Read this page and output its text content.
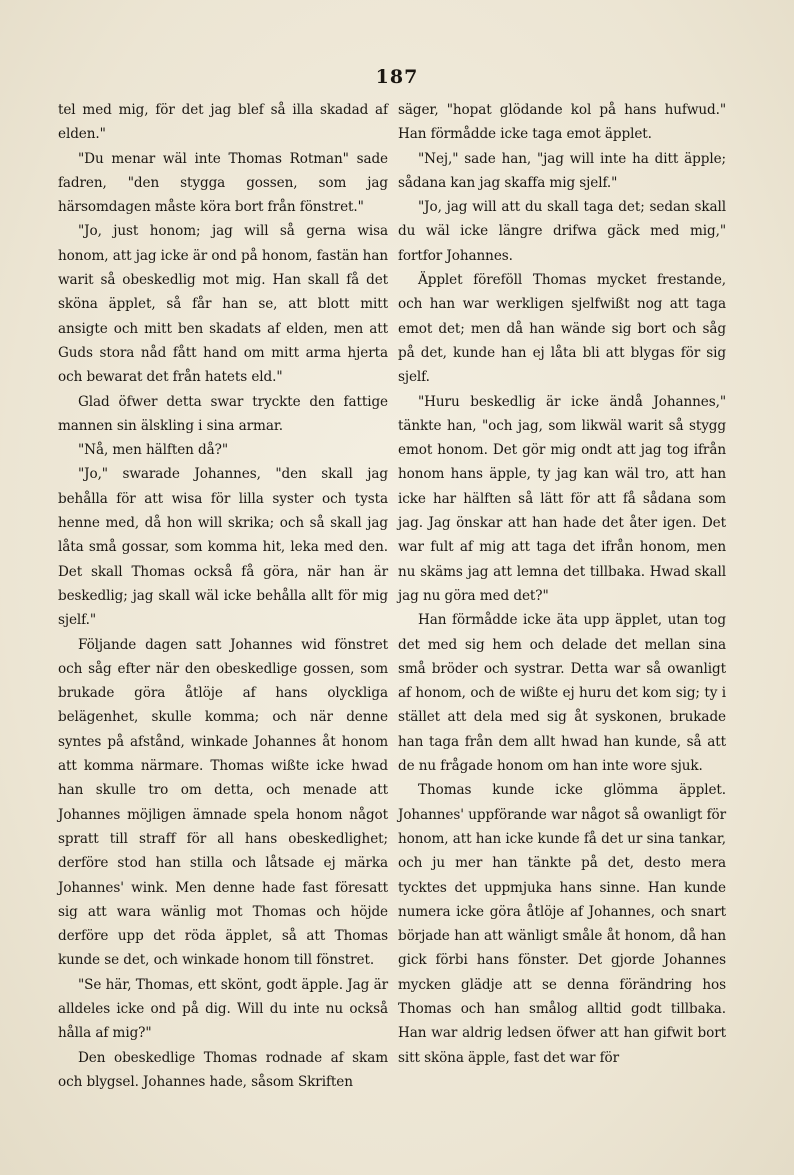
187

tel med mig, för det jag blef så illa skadad af elden."

"Du menar wäl inte Thomas Rotman" sade fadren, "den styggа gossen, som jag härsomdagen måste köra bort från fönstret."

"Jo, just honom; jag will så gerna wisa honom, att jag icke är ond på honom, fastän han warit så obeskedlig mot mig. Han skall få det sköna äpplet, så får han se, att blott mitt ansigte och mitt ben skadats af elden, men att Guds stora nåd fått hand om mitt arma hjerta och bewarat det från hatets eld."

Glad öfwer detta swar tryckte den fattige mannen sin älskling i sina armar.

"Nå, men hälften då?"

"Jo," swarade Johannes, "den skall jag behålla för att wisa för lilla syster och tysta henne med, då hon will skrika; och så skall jag låta små gossar, som komma hit, leka med den. Det skall Thomas också få göra, när han är beskedlig; jag skall wäl icke behålla allt för mig sjelf."

Följande dagen satt Johannes wid fönstret och såg efter när den obeskedlige gossen, som brukade göra åtlöje af hans olyckliga belägenhet, skulle komma; och när denne syntes på afstånd, winkade Johannes åt honom att komma närmare. Thomas wißte icke hwad han skulle tro om detta, och menade att Johannes möjligen ämnade spela honom något spratt till straff för all hans obeskedlighet; derföre stod han stilla och låtsade ej märka Johannes' wink. Men denne hade fast föresatt sig att wara wänlig mot Thomas och höjde derföre upp det röda äpplet, så att Thomas kunde se det, och winkade honom till fönstret.

"Se här, Thomas, ett skönt, godt äpple. Jag är alldeles icke ond på dig. Will du inte nu också hålla af mig?"

Den obeskedlige Thomas rodnade af skam och blygsel. Johannes hade, såsom Skriften

säger, "hopat glödande kol på hans hufwud." Han förmådde icke taga emot äpplet.

"Nej," sade han, "jag will inte ha ditt äpple; sådana kan jag skaffa mig sjelf."

"Jo, jag will att du skall taga det; sedan skall du wäl icke längre drifwa gäck med mig," fortfor Johannes.

Äpplet föreföll Thomas mycket frestande, och han war werkligen sjelfwißt nog att taga emot det; men då han wände sig bort och såg på det, kunde han ej låta bli att blygas för sig sjelf.

"Huru beskedlig är icke ändå Johannes," tänkte han, "och jag, som likwäl warit så stygg emot honom. Det gör mig ondt att jag tog ifrån honom hans äpple, ty jag kan wäl tro, att han icke har hälften så lätt för att få sådana som jag. Jag önskar att han hade det åter igen. Det war fult af mig att taga det ifrån honom, men nu skäms jag att lemna det tillbaka. Hwad skall jag nu göra med det?"

Han förmådde icke äta upp äpplet, utan tog det med sig hem och delade det mellan sina små bröder och systrar. Detta war så owanligt af honom, och de wißte ej huru det kom sig; ty i stället att dela med sig åt syskonen, brukade han taga från dem allt hwad han kunde, så att de nu frågade honom om han inte wore sjuk.

Thomas kunde icke glömma äpplet. Johannes' uppförande war något så owanligt för honom, att han icke kunde få det ur sina tankar, och ju mer han tänkte på det, desto mera tycktes det uppmjuka hans sinne. Han kunde numera icke göra åtlöje af Johannes, och snart började han att wänligt småle åt honom, då han gick förbi hans fönster. Det gjorde Johannes mycken glädje att se denna förändring hos Thomas och han smålog alltid godt tillbaka. Han war aldrig ledsen öfwer att han gifwit bort sitt sköna äpple, fast det war för
